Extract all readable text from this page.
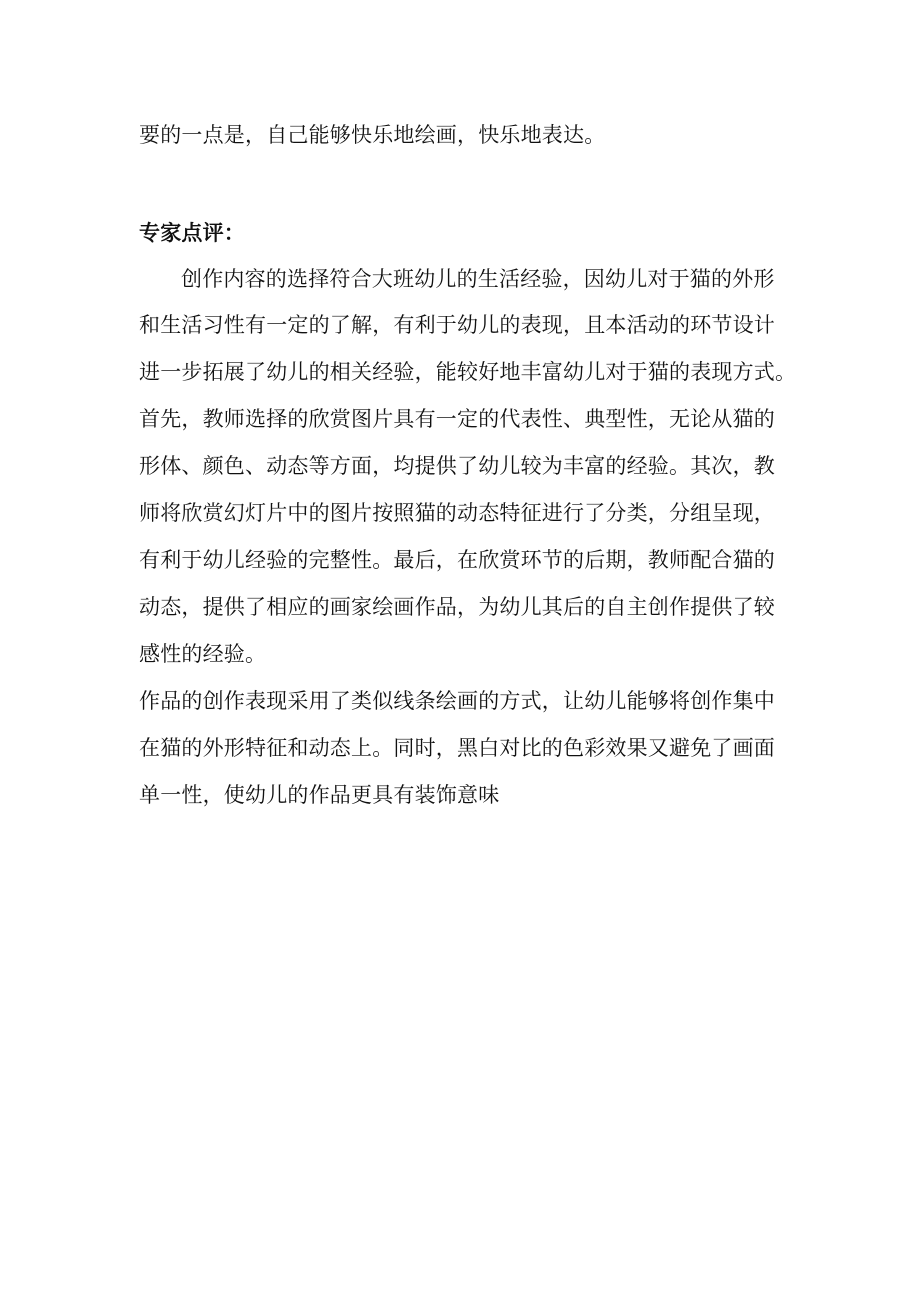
要的一点是，自己能够快乐地绘画，快乐地表达。
专家点评：
创作内容的选择符合大班幼儿的生活经验，因幼儿对于猫的外形
和生活习性有一定的了解，有利于幼儿的表现，且本活动的环节设计
进一步拓展了幼儿的相关经验，能较好地丰富幼儿对于猫的表现方式。
首先，教师选择的欣赏图片具有一定的代表性、典型性，无论从猫的
形体、颜色、动态等方面，均提供了幼儿较为丰富的经验。其次，教
师将欣赏幻灯片中的图片按照猫的动态特征进行了分类，分组呈现，
有利于幼儿经验的完整性。最后，在欣赏环节的后期，教师配合猫的
动态，提供了相应的画家绘画作品，为幼儿其后的自主创作提供了较
感性的经验。
作品的创作表现采用了类似线条绘画的方式，让幼儿能够将创作集中
在猫的外形特征和动态上。同时，黑白对比的色彩效果又避免了画面
单一性，使幼儿的作品更具有装饰意味
